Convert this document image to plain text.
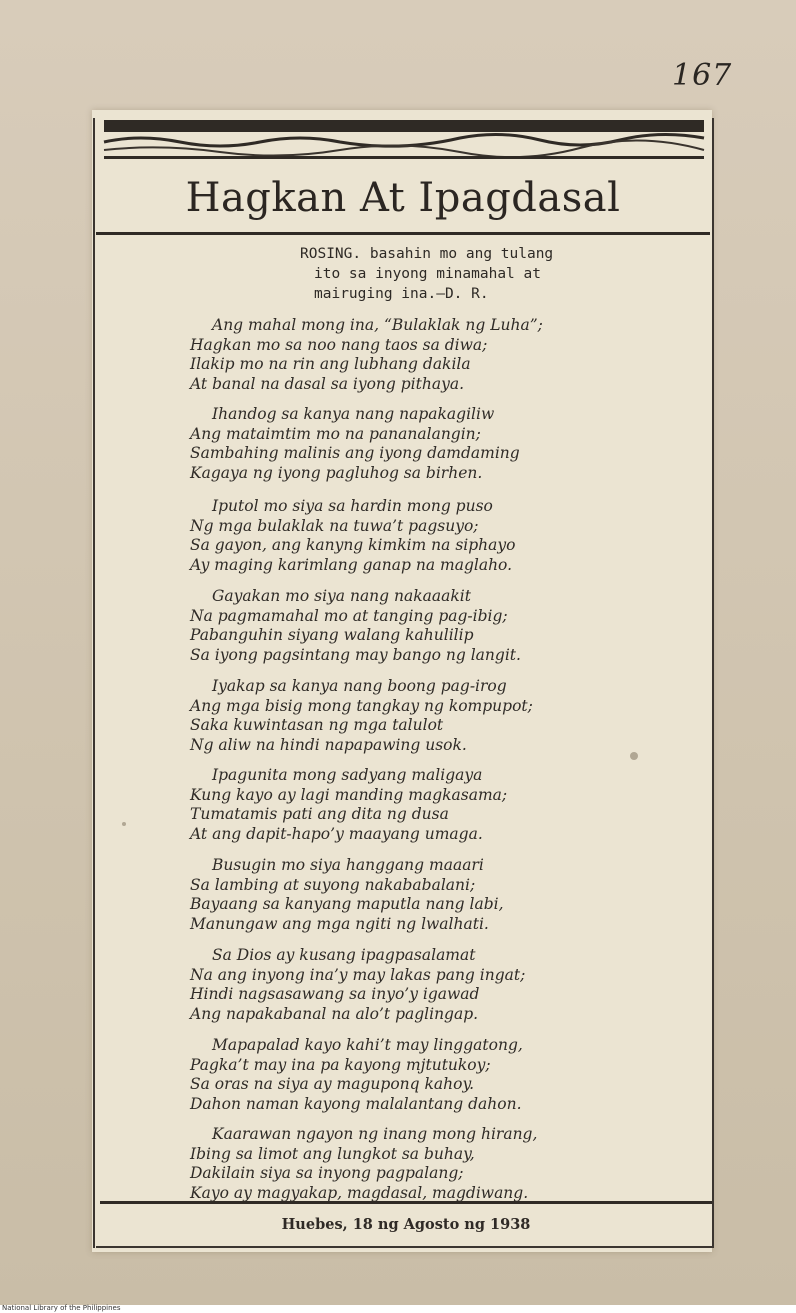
167
Hagkan At Ipagdasal
ROSING. basahin mo ang tulang
ito sa inyong minamahal at
mairuging ina.—D. R.
Ang mahal mong ina, “Bulaklak ng Luha”;
Hagkan mo sa noo nang taos sa diwa;
Ilakip mo na rin ang lubhang dakila
At banal na dasal sa iyong pithaya.
Ihandog sa kanya nang napakagiliw
Ang mataimtim mo na pananalangin;
Sambahing malinis ang iyong damdaming
Kagaya ng iyong pagluhog sa birhen.
Iputol mo siya sa hardin mong puso
Ng mga bulaklak na tuwa’t pagsuyo;
Sa gayon, ang kanyng kimkim na siphayo
Ay maging karimlang ganap na maglaho.
Gayakan mo siya nang nakaaakit
Na pagmamahal mo at tanging pag-ibig;
Pabanguhin siyang walang kahulilip
Sa iyong pagsintang may bango ng langit.
Iyakap sa kanya nang boong pag-irog
Ang mga bisig mong tangkay ng kompupot;
Saka kuwintasan ng mga talulot
Ng aliw na hindi napapawing usok.
Ipagunita mong sadyang maligaya
Kung kayo ay lagi manding magkasama;
Tumatamis pati ang dita ng dusa
At ang dapit-hapo’y maayang umaga.
Busugin mo siya hanggang maaari
Sa lambing at suyong nakababalani;
Bayaang sa kanyang maputla nang labi,
Manungaw ang mga ngiti ng lwalhati.
Sa Dios ay kusang ipagpasalamat
Na ang inyong ina’y may lakas pang ingat;
Hindi nagsasawang sa inyo’y igawad
Ang napakabanal na alo’t paglingap.
Mapapalad kayo kahi’t may linggatong,
Pagka’t may ina pa kayong mjtutukoy;
Sa oras na siya ay maguponq kahoy.
Dahon naman kayong malalantang dahon.
Kaarawan ngayon ng inang mong hirang,
Ibing sa limot ang lungkot sa buhay,
Dakilain siya sa inyong pagpalang;
Kayo ay magyakap, magdasal, magdiwang.
Huebes, 18 ng Agosto ng 1938
National Library of the Philippines
